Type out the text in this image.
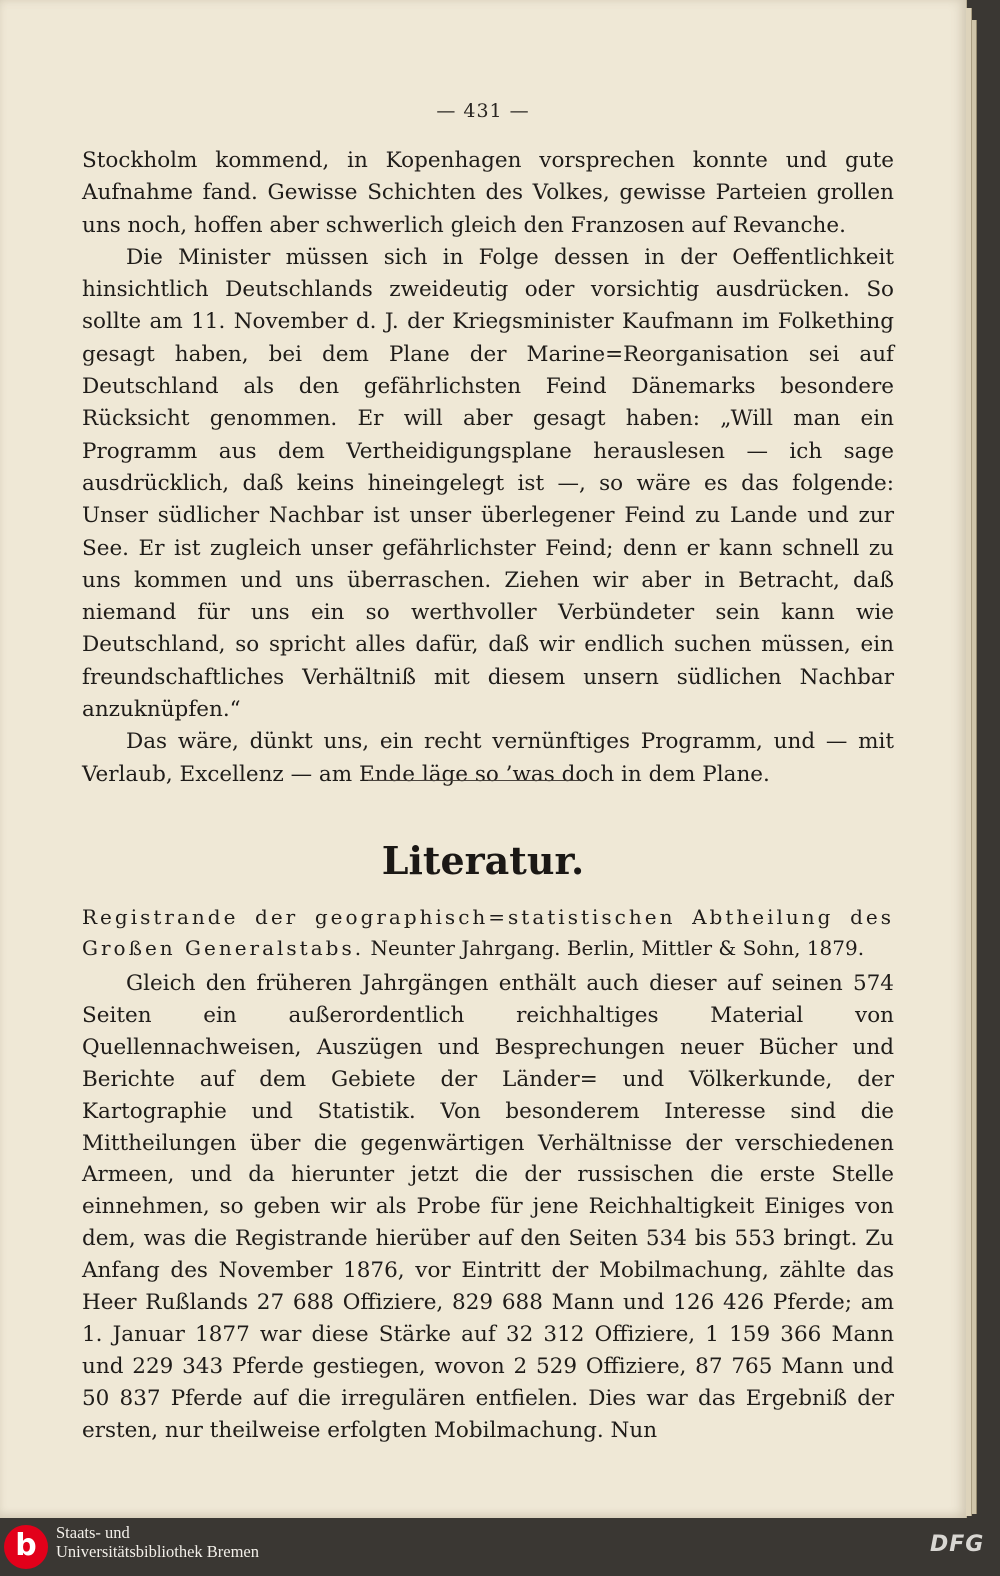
— 431 —

Stockholm kommend, in Kopenhagen vorsprechen konnte und gute Aufnahme fand. Gewisse Schichten des Volkes, gewisse Parteien grollen uns noch, hoffen aber schwerlich gleich den Franzosen auf Revanche.

Die Minister müssen sich in Folge dessen in der Oeffentlichkeit hinsichtlich Deutschlands zweideutig oder vorsichtig ausdrücken. So sollte am 11. November d. J. der Kriegsminister Kaufmann im Folkething gesagt haben, bei dem Plane der Marine=Reorganisation sei auf Deutschland als den gefährlichsten Feind Dänemarks besondere Rücksicht genommen. Er will aber gesagt haben: „Will man ein Programm aus dem Vertheidigungsplane herauslesen — ich sage ausdrücklich, daß keins hineingelegt ist —, so wäre es das folgende: Unser südlicher Nachbar ist unser überlegener Feind zu Lande und zur See. Er ist zugleich unser gefährlichster Feind; denn er kann schnell zu uns kommen und uns überraschen. Ziehen wir aber in Betracht, daß niemand für uns ein so werthvoller Verbündeter sein kann wie Deutschland, so spricht alles dafür, daß wir endlich suchen müssen, ein freundschaftliches Verhältniß mit diesem unsern südlichen Nachbar anzuknüpfen.“

Das wäre, dünkt uns, ein recht vernünftiges Programm, und — mit Verlaub, Excellenz — am Ende läge so ’was doch in dem Plane.

Literatur.
Registrande der geographisch=statistischen Abtheilung des Großen Generalstabs. Neunter Jahrgang. Berlin, Mittler & Sohn, 1879.

Gleich den früheren Jahrgängen enthält auch dieser auf seinen 574 Seiten ein außerordentlich reichhaltiges Material von Quellennachweisen, Auszügen und Besprechungen neuer Bücher und Berichte auf dem Gebiete der Länder= und Völkerkunde, der Kartographie und Statistik. Von besonderem Interesse sind die Mittheilungen über die gegenwärtigen Verhältnisse der verschiedenen Armeen, und da hierunter jetzt die der russischen die erste Stelle einnehmen, so geben wir als Probe für jene Reichhaltigkeit Einiges von dem, was die Registrande hierüber auf den Seiten 534 bis 553 bringt. Zu Anfang des November 1876, vor Eintritt der Mobilmachung, zählte das Heer Rußlands 27 688 Offiziere, 829 688 Mann und 126 426 Pferde; am 1. Januar 1877 war diese Stärke auf 32 312 Offiziere, 1 159 366 Mann und 229 343 Pferde gestiegen, wovon 2 529 Offiziere, 87 765 Mann und 50 837 Pferde auf die irregulären entfielen. Dies war das Ergebniß der ersten, nur theilweise erfolgten Mobilmachung. Nun

b	Staats- und
Universitätsbibliothek Bremen	DFG
